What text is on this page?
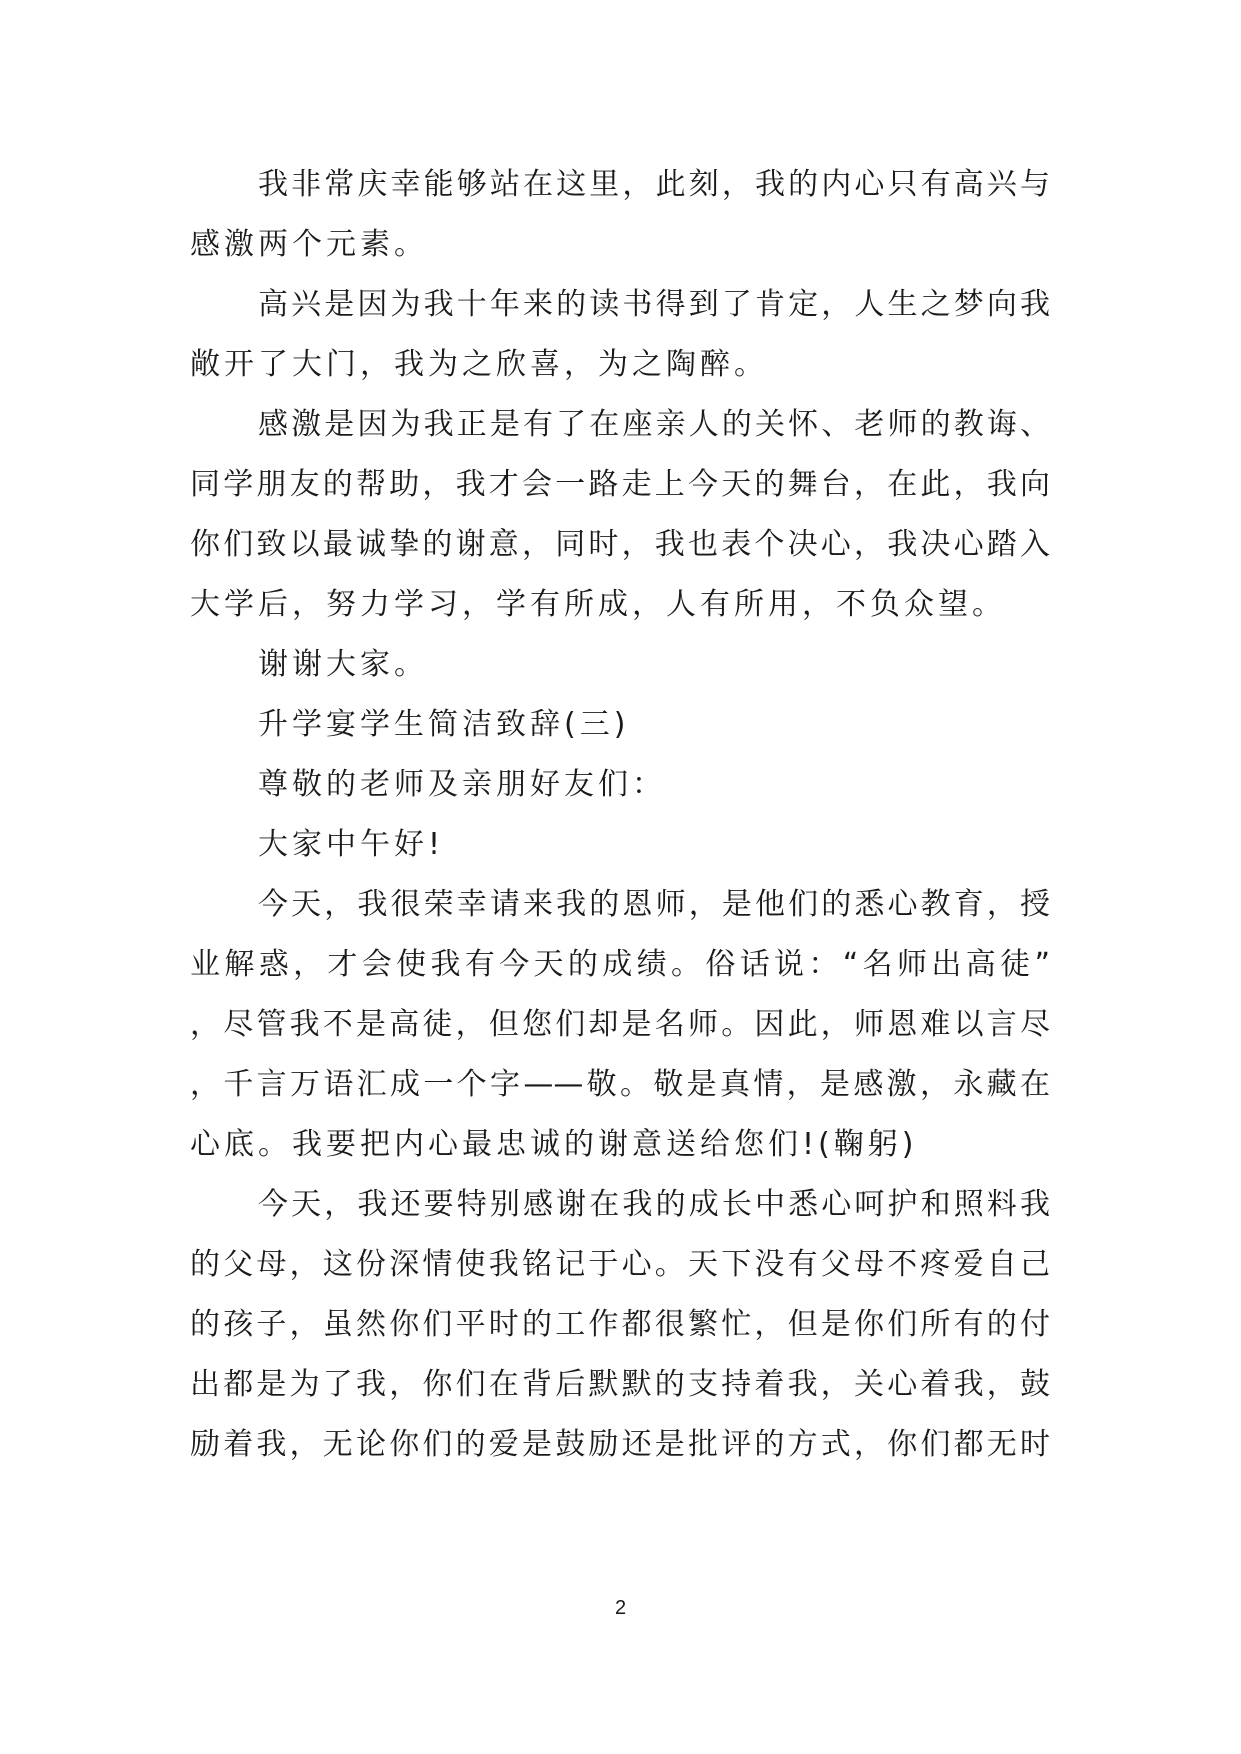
我非常庆幸能够站在这里，此刻，我的内心只有高兴与
感激两个元素。
高兴是因为我十年来的读书得到了肯定，人生之梦向我
敞开了大门，我为之欣喜，为之陶醉。
感激是因为我正是有了在座亲人的关怀、老师的教诲、
同学朋友的帮助，我才会一路走上今天的舞台，在此，我向
你们致以最诚挚的谢意，同时，我也表个决心，我决心踏入
大学后，努力学习，学有所成，人有所用，不负众望。
谢谢大家。
升学宴学生简洁致辞(三)
尊敬的老师及亲朋好友们：
大家中午好!
今天，我很荣幸请来我的恩师，是他们的悉心教育，授
业解惑，才会使我有今天的成绩。俗话说：“名师出高徒”
，尽管我不是高徒，但您们却是名师。因此，师恩难以言尽
，千言万语汇成一个字——敬。敬是真情，是感激，永藏在
心底。我要把内心最忠诚的谢意送给您们!(鞠躬)
今天，我还要特别感谢在我的成长中悉心呵护和照料我
的父母，这份深情使我铭记于心。天下没有父母不疼爱自己
的孩子，虽然你们平时的工作都很繁忙，但是你们所有的付
出都是为了我，你们在背后默默的支持着我，关心着我，鼓
励着我，无论你们的爱是鼓励还是批评的方式，你们都无时
2
